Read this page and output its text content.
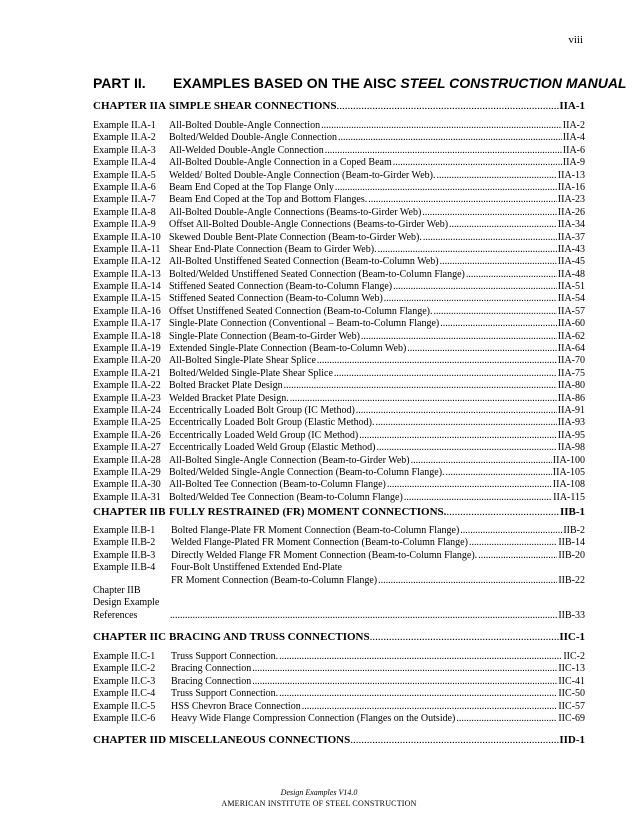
viii
PART II. EXAMPLES BASED ON THE AISC STEEL CONSTRUCTION MANUAL
CHAPTER IIA SIMPLE SHEAR CONNECTIONS .....	IIA-1
Example II.A-1	All-Bolted Double-Angle Connection .....	IIA-2
Example II.A-2	Bolted/Welded Double-Angle Connection .....	IIA-4
Example II.A-3	All-Welded Double-Angle Connection .....	IIA-6
Example II.A-4	All-Bolted Double-Angle Connection in a Coped Beam .....	IIA-9
Example II.A-5	Welded/ Bolted Double-Angle Connection (Beam-to-Girder Web). .....	IIA-13
Example II.A-6	Beam End Coped at the Top Flange Only .....	IIA-16
Example II.A-7	Beam End Coped at the Top and Bottom Flanges. .....	IIA-23
Example II.A-8	All-Bolted Double-Angle Connections (Beams-to-Girder Web) .....	IIA-26
Example II.A-9	Offset All-Bolted Double-Angle Connections (Beams-to-Girder Web) .....	IIA-34
Example II.A-10 Skewed Double Bent-Plate Connection (Beam-to-Girder Web). .....	IIA-37
Example II.A-11 Shear End-Plate Connection (Beam to Girder Web). .....	IIA-43
Example II.A-12 All-Bolted Unstiffened Seated Connection (Beam-to-Column Web) .....	IIA-45
Example II.A-13 Bolted/Welded Unstiffened Seated Connection (Beam-to-Column Flange) .....	IIA-48
Example II.A-14 Stiffened Seated Connection (Beam-to-Column Flange) .....	IIA-51
Example II.A-15 Stiffened Seated Connection (Beam-to-Column Web) .....	IIA-54
Example II.A-16 Offset Unstiffened Seated Connection (Beam-to-Column Flange). .....	IIA-57
Example II.A-17 Single-Plate Connection (Conventional – Beam-to-Column Flange) .....	IIA-60
Example II.A-18 Single-Plate Connection (Beam-to-Girder Web) .....	IIA-62
Example II.A-19 Extended Single-Plate Connection (Beam-to-Column Web) .....	IIA-64
Example II.A-20 All-Bolted Single-Plate Shear Splice .....	IIA-70
Example II.A-21 Bolted/Welded Single-Plate Shear Splice .....	IIA-75
Example II.A-22 Bolted Bracket Plate Design .....	IIA-80
Example II.A-23 Welded Bracket Plate Design. .....	IIA-86
Example II.A-24 Eccentrically Loaded Bolt Group (IC Method) .....	IIA-91
Example II.A-25 Eccentrically Loaded Bolt Group (Elastic Method). .....	IIA-93
Example II.A-26 Eccentrically Loaded Weld Group (IC Method) .....	IIA-95
Example II.A-27 Eccentrically Loaded Weld Group (Elastic Method) .....	IIA-98
Example II.A-28 All-Bolted Single-Angle Connection (Beam-to-Girder Web) .....	IIA-100
Example II.A-29 Bolted/Welded Single-Angle Connection (Beam-to-Column Flange). .....	IIA-105
Example II.A-30 All-Bolted Tee Connection (Beam-to-Column Flange) .....	IIA-108
Example II.A-31 Bolted/Welded Tee Connection (Beam-to-Column Flange) .....	IIA-115
CHAPTER IIB FULLY RESTRAINED (FR) MOMENT CONNECTIONS. .....	IIB-1
Example II.B-1	Bolted Flange-Plate FR Moment Connection (Beam-to-Column Flange) .....	IIB-2
Example II.B-2	Welded Flange-Plated FR Moment Connection (Beam-to-Column Flange) .....	IIB-14
Example II.B-3	Directly Welded Flange FR Moment Connection (Beam-to-Column Flange). .....	IIB-20
Example II.B-4	Four-Bolt Unstiffened Extended End-Plate
FR Moment Connection (Beam-to-Column Flange) .....	IIB-22
Chapter IIB
Design Example
References .....	IIB-33
CHAPTER IIC BRACING AND TRUSS CONNECTIONS .....	IIC-1
Example II.C-1	Truss Support Connection. .....	IIC-2
Example II.C-2	Bracing Connection .....	IIC-13
Example II.C-3	Bracing Connection .....	IIC-41
Example II.C-4	Truss Support Connection. .....	IIC-50
Example II.C-5	HSS Chevron Brace Connection .....	IIC-57
Example II.C-6	Heavy Wide Flange Compression Connection (Flanges on the Outside) .....	IIC-69
CHAPTER IID MISCELLANEOUS CONNECTIONS .....	IID-1
Design Examples V14.0
AMERICAN INSTITUTE OF STEEL CONSTRUCTION
